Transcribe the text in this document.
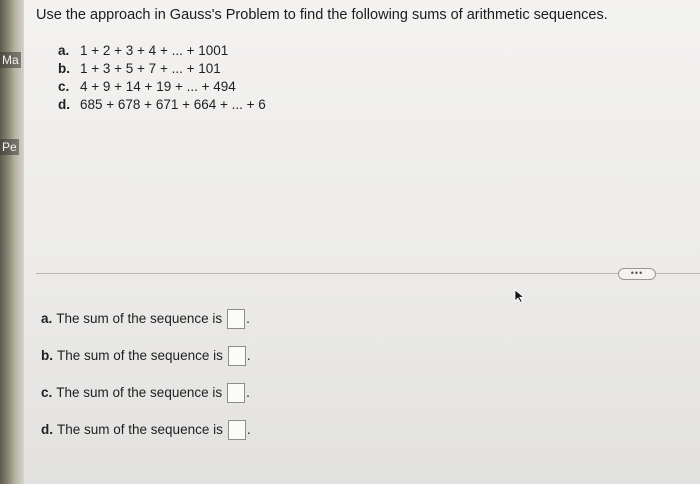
Ma
Pe
Use the approach in Gauss's Problem to find the following sums of arithmetic sequences.
a. 1 + 2 + 3 + 4 + ... + 1001
b. 1 + 3 + 5 + 7 + ... + 101
c. 4 + 9 + 14 + 19 + ... + 494
d. 685 + 678 + 671 + 664 + ... + 6
•••
a. The sum of the sequence is .
b. The sum of the sequence is .
c. The sum of the sequence is .
d. The sum of the sequence is .
